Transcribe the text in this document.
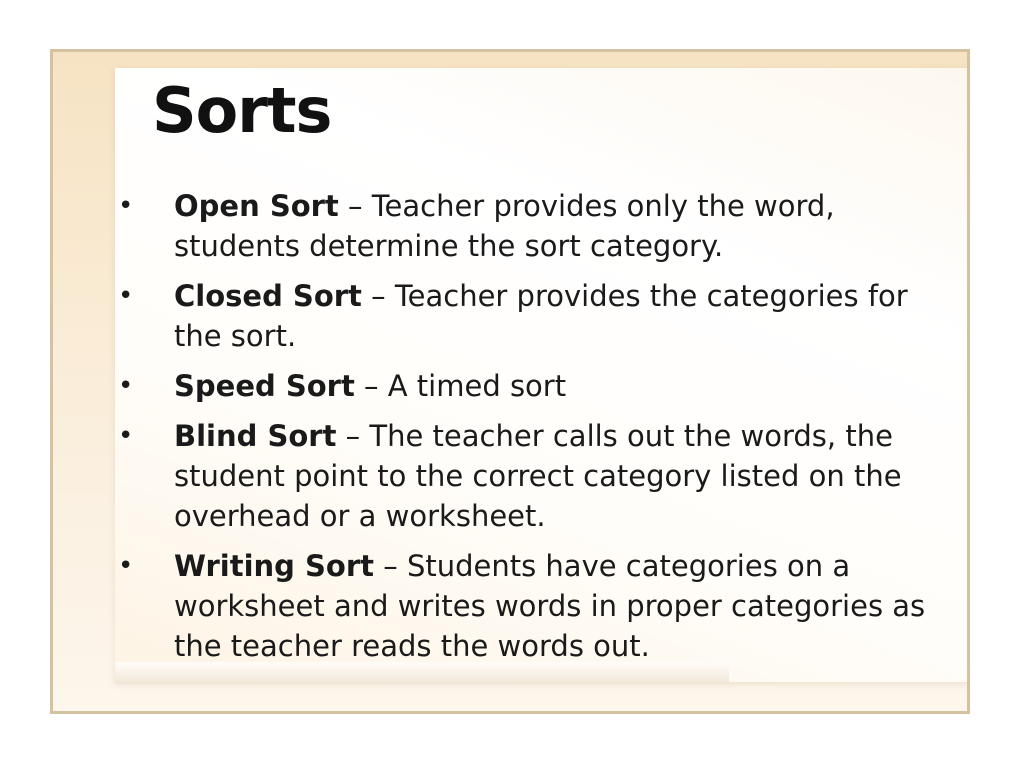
Sorts
• Open Sort – Teacher provides only the word, students determine the sort category.
• Closed Sort – Teacher provides the categories for the sort.
• Speed Sort – A timed sort
• Blind Sort – The teacher calls out the words, the student point to the correct category listed on the overhead or a worksheet.
• Writing Sort – Students have categories on a worksheet and writes words in proper categories as the teacher reads the words out.
